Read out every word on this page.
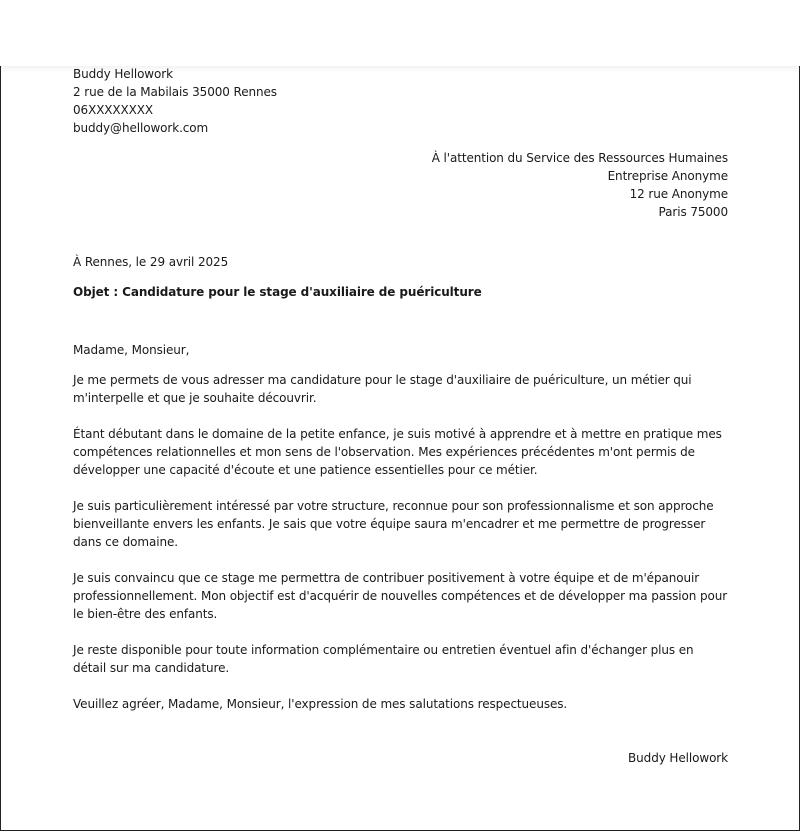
Buddy Hellowork
2 rue de la Mabilais 35000 Rennes
06XXXXXXXX
buddy@hellowork.com
À l'attention du Service des Ressources Humaines
Entreprise Anonyme
12 rue Anonyme
Paris 75000
À Rennes, le 29 avril 2025
Objet : Candidature pour le stage d'auxiliaire de puériculture
Madame, Monsieur,
Je me permets de vous adresser ma candidature pour le stage d'auxiliaire de puériculture, un métier qui m'interpelle et que je souhaite découvrir.
Étant débutant dans le domaine de la petite enfance, je suis motivé à apprendre et à mettre en pratique mes compétences relationnelles et mon sens de l'observation. Mes expériences précédentes m'ont permis de développer une capacité d'écoute et une patience essentielles pour ce métier.
Je suis particulièrement intéressé par votre structure, reconnue pour son professionnalisme et son approche bienveillante envers les enfants. Je sais que votre équipe saura m'encadrer et me permettre de progresser dans ce domaine.
Je suis convaincu que ce stage me permettra de contribuer positivement à votre équipe et de m'épanouir professionnellement. Mon objectif est d'acquérir de nouvelles compétences et de développer ma passion pour le bien-être des enfants.
Je reste disponible pour toute information complémentaire ou entretien éventuel afin d'échanger plus en détail sur ma candidature.
Veuillez agréer, Madame, Monsieur, l'expression de mes salutations respectueuses.
Buddy Hellowork
